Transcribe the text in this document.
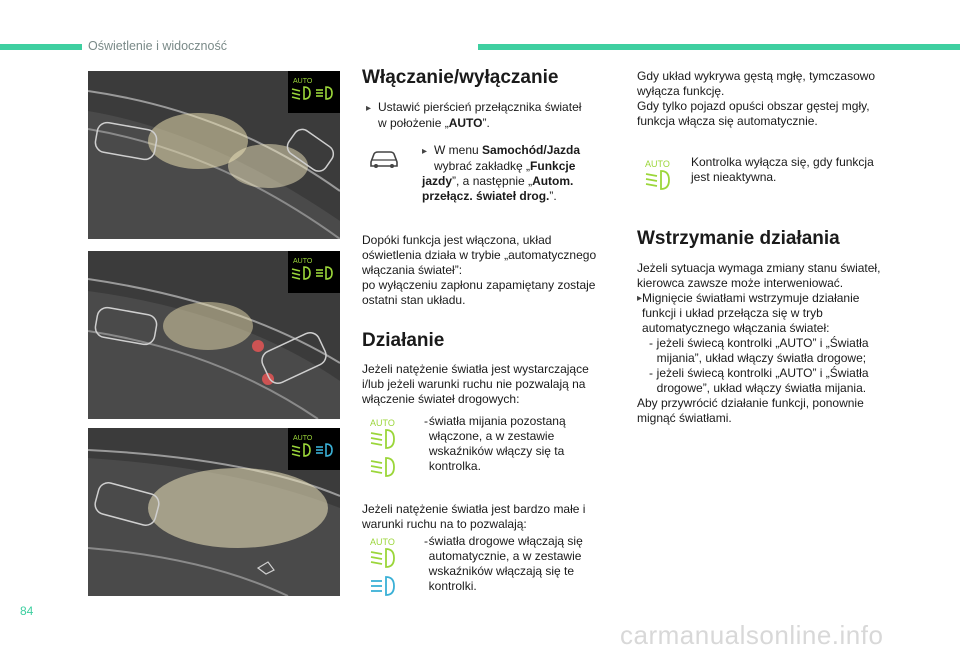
Oświetlenie i widoczność
AUTO
AUTO
AUTO
Włączanie/wyłączanie
▸ Ustawić pierścień przełącznika świateł
w położenie „AUTO”.
▸ W menu Samochód/Jazda
wybrać zakładkę „Funkcje jazdy”, a następnie „Autom. przełącz. świateł drog.”.
Dopóki funkcja jest włączona, układ oświetlenia działa w trybie „automatycznego włączania świateł”:
po wyłączeniu zapłonu zapamiętany zostaje ostatni stan układu.
Działanie
Jeżeli natężenie światła jest wystarczające i/lub jeżeli warunki ruchu nie pozwalają na włączenie świateł drogowych:
AUTO - światła mijania pozostaną włączone, a w zestawie wskaźników włączy się ta kontrolka.
Jeżeli natężenie światła jest bardzo małe i warunki ruchu na to pozwalają:
AUTO - światła drogowe włączają się automatycznie, a w zestawie wskaźników włączają się te kontrolki.
Gdy układ wykrywa gęstą mgłę, tymczasowo wyłącza funkcję.
Gdy tylko pojazd opuści obszar gęstej mgły, funkcja włącza się automatycznie.
AUTO Kontrolka wyłącza się, gdy funkcja jest nieaktywna.
Wstrzymanie działania
Jeżeli sytuacja wymaga zmiany stanu świateł, kierowca zawsze może interweniować.
▸ Mignięcie światłami wstrzymuje działanie funkcji i układ przełącza się w tryb automatycznego włączania świateł:
- jeżeli świecą kontrolki „AUTO” i „Światła mijania”, układ włączy światła drogowe;
- jeżeli świecą kontrolki „AUTO” i „Światła drogowe”, układ włączy światła mijania.
Aby przywrócić działanie funkcji, ponownie mignąć światłami.
84
carmanualsonline.info
